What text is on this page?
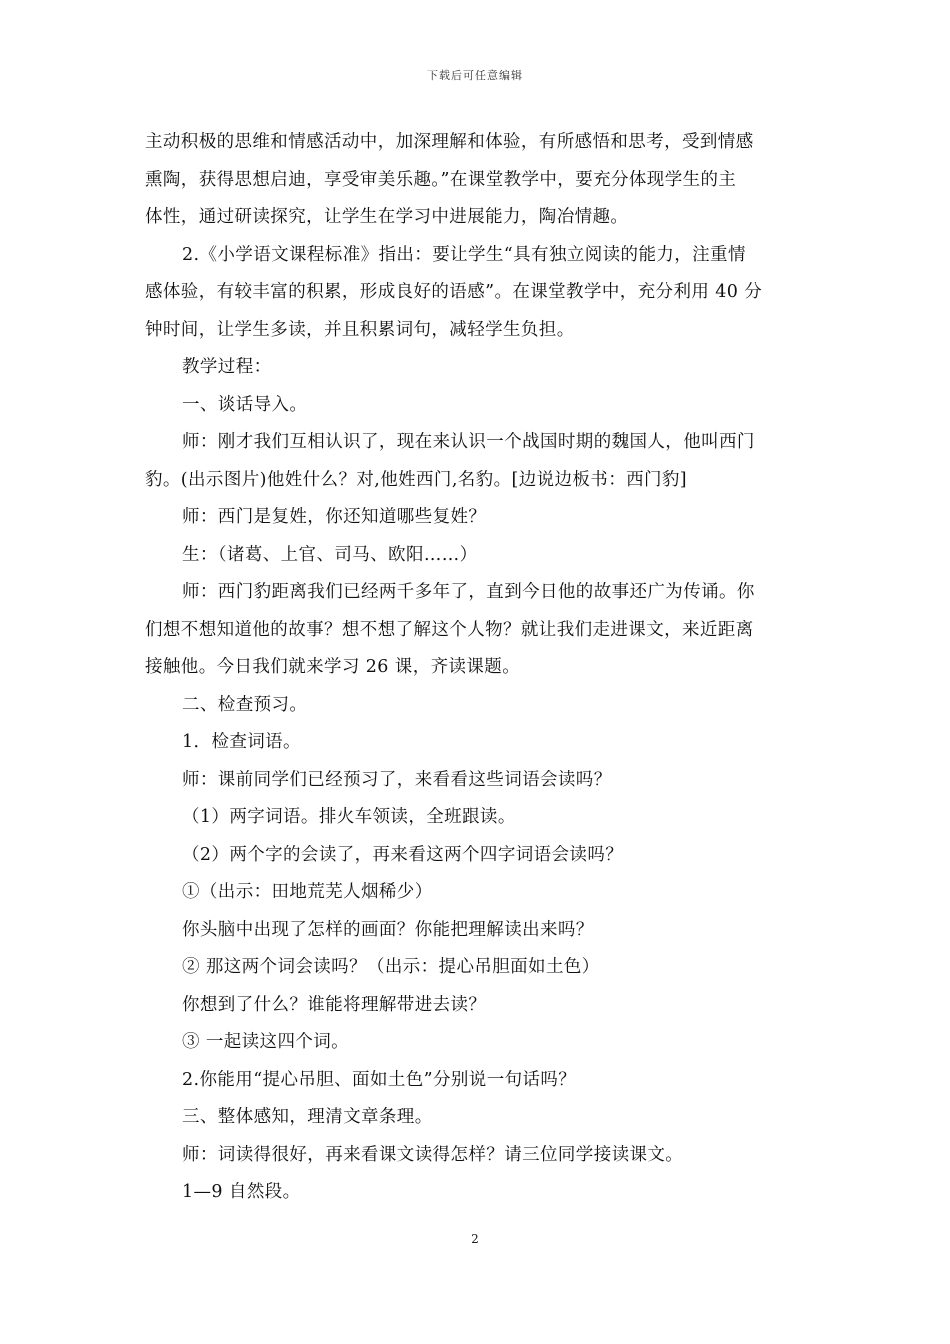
下载后可任意编辑
主动积极的思维和情感活动中，加深理解和体验，有所感悟和思考，受到情感
熏陶，获得思想启迪，享受审美乐趣。”在课堂教学中，要充分体现学生的主
体性，通过研读探究，让学生在学习中进展能力，陶冶情趣。
2.《小学语文课程标准》指出：要让学生“具有独立阅读的能力，注重情
感体验，有较丰富的积累，形成良好的语感”。在课堂教学中，充分利用 40 分
钟时间，让学生多读，并且积累词句，减轻学生负担。
教学过程：
一、谈话导入。
师：刚才我们互相认识了，现在来认识一个战国时期的魏国人，他叫西门
豹。(出示图片)他姓什么？对,他姓西门,名豹。[边说边板书：西门豹]
师：西门是复姓，你还知道哪些复姓？
生：（诸葛、上官、司马、欧阳……）
师：西门豹距离我们已经两千多年了，直到今日他的故事还广为传诵。你
们想不想知道他的故事？想不想了解这个人物？就让我们走进课文，来近距离
接触他。今日我们就来学习 26 课，齐读课题。
二、检查预习。
1．检查词语。
师：课前同学们已经预习了，来看看这些词语会读吗？
（1）两字词语。排火车领读，全班跟读。
（2）两个字的会读了，再来看这两个四字词语会读吗？
①（出示：田地荒芜人烟稀少）
你头脑中出现了怎样的画面？你能把理解读出来吗？
② 那这两个词会读吗？（出示：提心吊胆面如土色）
你想到了什么？谁能将理解带进去读？
③ 一起读这四个词。
2.你能用“提心吊胆、面如土色”分别说一句话吗？
三、整体感知，理清文章条理。
师：词读得很好，再来看课文读得怎样？请三位同学接读课文。
1—9 自然段。
2
